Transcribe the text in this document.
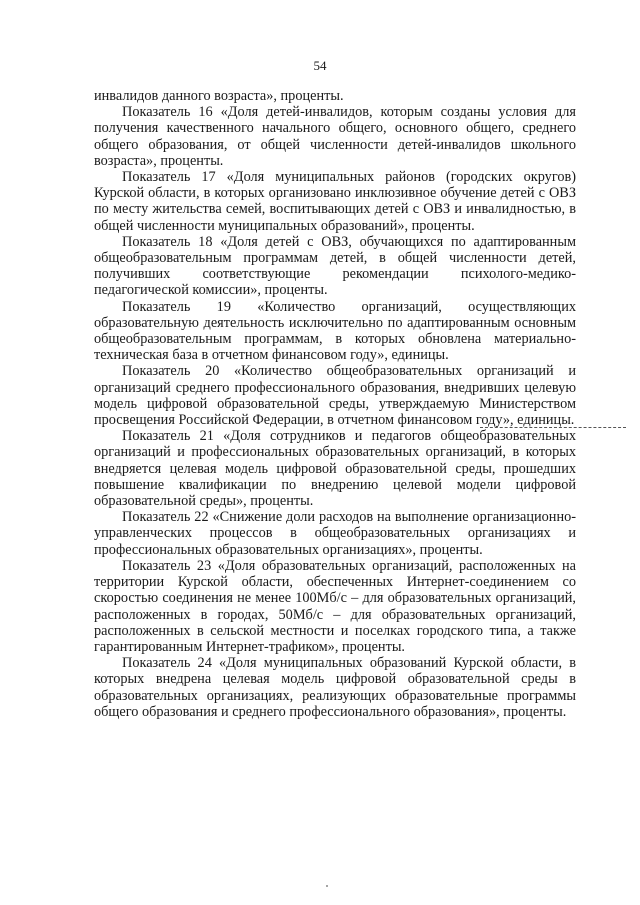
54

инвалидов данного возраста», проценты.

Показатель 16 «Доля детей-инвалидов, которым созданы условия для получения качественного начального общего, основного общего, среднего общего образования, от общей численности детей-инвалидов школьного возраста», проценты.

Показатель 17 «Доля муниципальных районов (городских округов) Курской области, в которых организовано инклюзивное обучение детей с ОВЗ по месту жительства семей, воспитывающих детей с ОВЗ и инвалидностью, в общей численности муниципальных образований», проценты.

Показатель 18 «Доля детей с ОВЗ, обучающихся по адаптированным общеобразовательным программам детей, в общей численности детей, получивших соответствующие рекомендации психолого-медико-педагогической комиссии», проценты.

Показатель 19 «Количество организаций, осуществляющих образовательную деятельность исключительно по адаптированным основным общеобразовательным программам, в которых обновлена материально-техническая база в отчетном финансовом году», единицы.

Показатель 20 «Количество общеобразовательных организаций и организаций среднего профессионального образования, внедривших целевую модель цифровой образовательной среды, утверждаемую Министерством просвещения Российской Федерации, в отчетном финансовом году», единицы.

Показатель 21 «Доля сотрудников и педагогов общеобразовательных организаций и профессиональных образовательных организаций, в которых внедряется целевая модель цифровой образовательной среды, прошедших повышение квалификации по внедрению целевой модели цифровой образовательной среды», проценты.

Показатель 22 «Снижение доли расходов на выполнение организационно-управленческих процессов в общеобразовательных организациях и профессиональных образовательных организациях», проценты.

Показатель 23 «Доля образовательных организаций, расположенных на территории Курской области, обеспеченных Интернет-соединением со скоростью соединения не менее 100Мб/с – для образовательных организаций, расположенных в городах, 50Мб/с – для образовательных организаций, расположенных в сельской местности и поселках городского типа, а также гарантированным Интернет-трафиком», проценты.

Показатель 24 «Доля муниципальных образований Курской области, в которых внедрена целевая модель цифровой образовательной среды в образовательных организациях, реализующих образовательные программы общего образования и среднего профессионального образования», проценты.
